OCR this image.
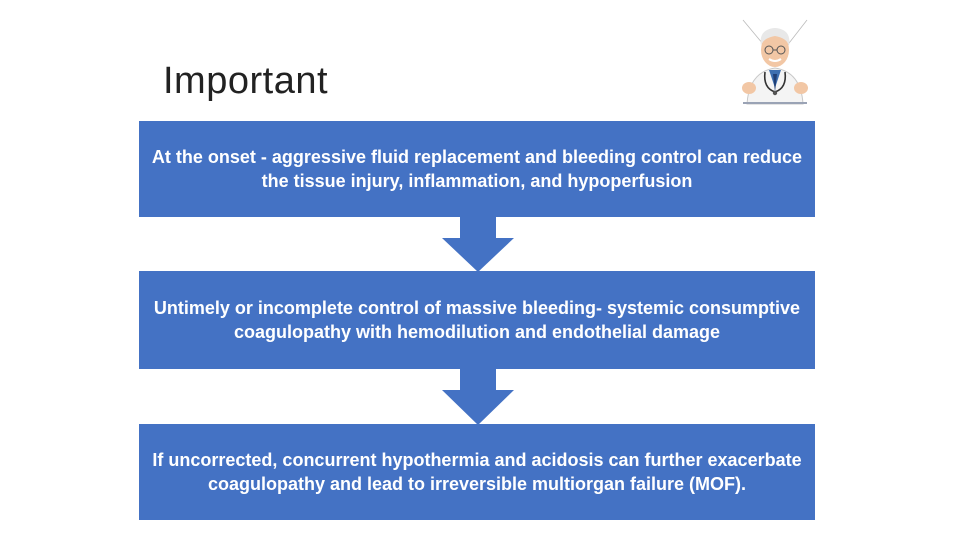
Important
At the onset - aggressive fluid replacement and bleeding control can reduce the tissue injury, inflammation, and hypoperfusion
Untimely or incomplete control of massive bleeding- systemic consumptive coagulopathy with hemodilution and endothelial damage
If uncorrected, concurrent hypothermia and acidosis can further exacerbate coagulopathy and lead to irreversible multiorgan failure (MOF).
